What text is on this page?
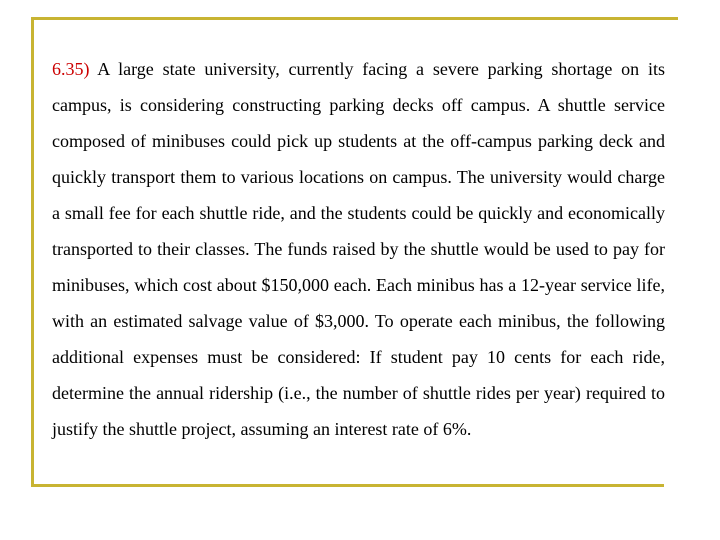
6.35) A large state university, currently facing a severe parking shortage on its campus, is considering constructing parking decks off campus. A shuttle service composed of minibuses could pick up students at the off-campus parking deck and quickly transport them to various locations on campus. The university would charge a small fee for each shuttle ride, and the students could be quickly and economically transported to their classes. The funds raised by the shuttle would be used to pay for minibuses, which cost about $150,000 each. Each minibus has a 12-year service life, with an estimated salvage value of $3,000. To operate each minibus, the following additional expenses must be considered: If student pay 10 cents for each ride, determine the annual ridership (i.e., the number of shuttle rides per year) required to justify the shuttle project, assuming an interest rate of 6%.
